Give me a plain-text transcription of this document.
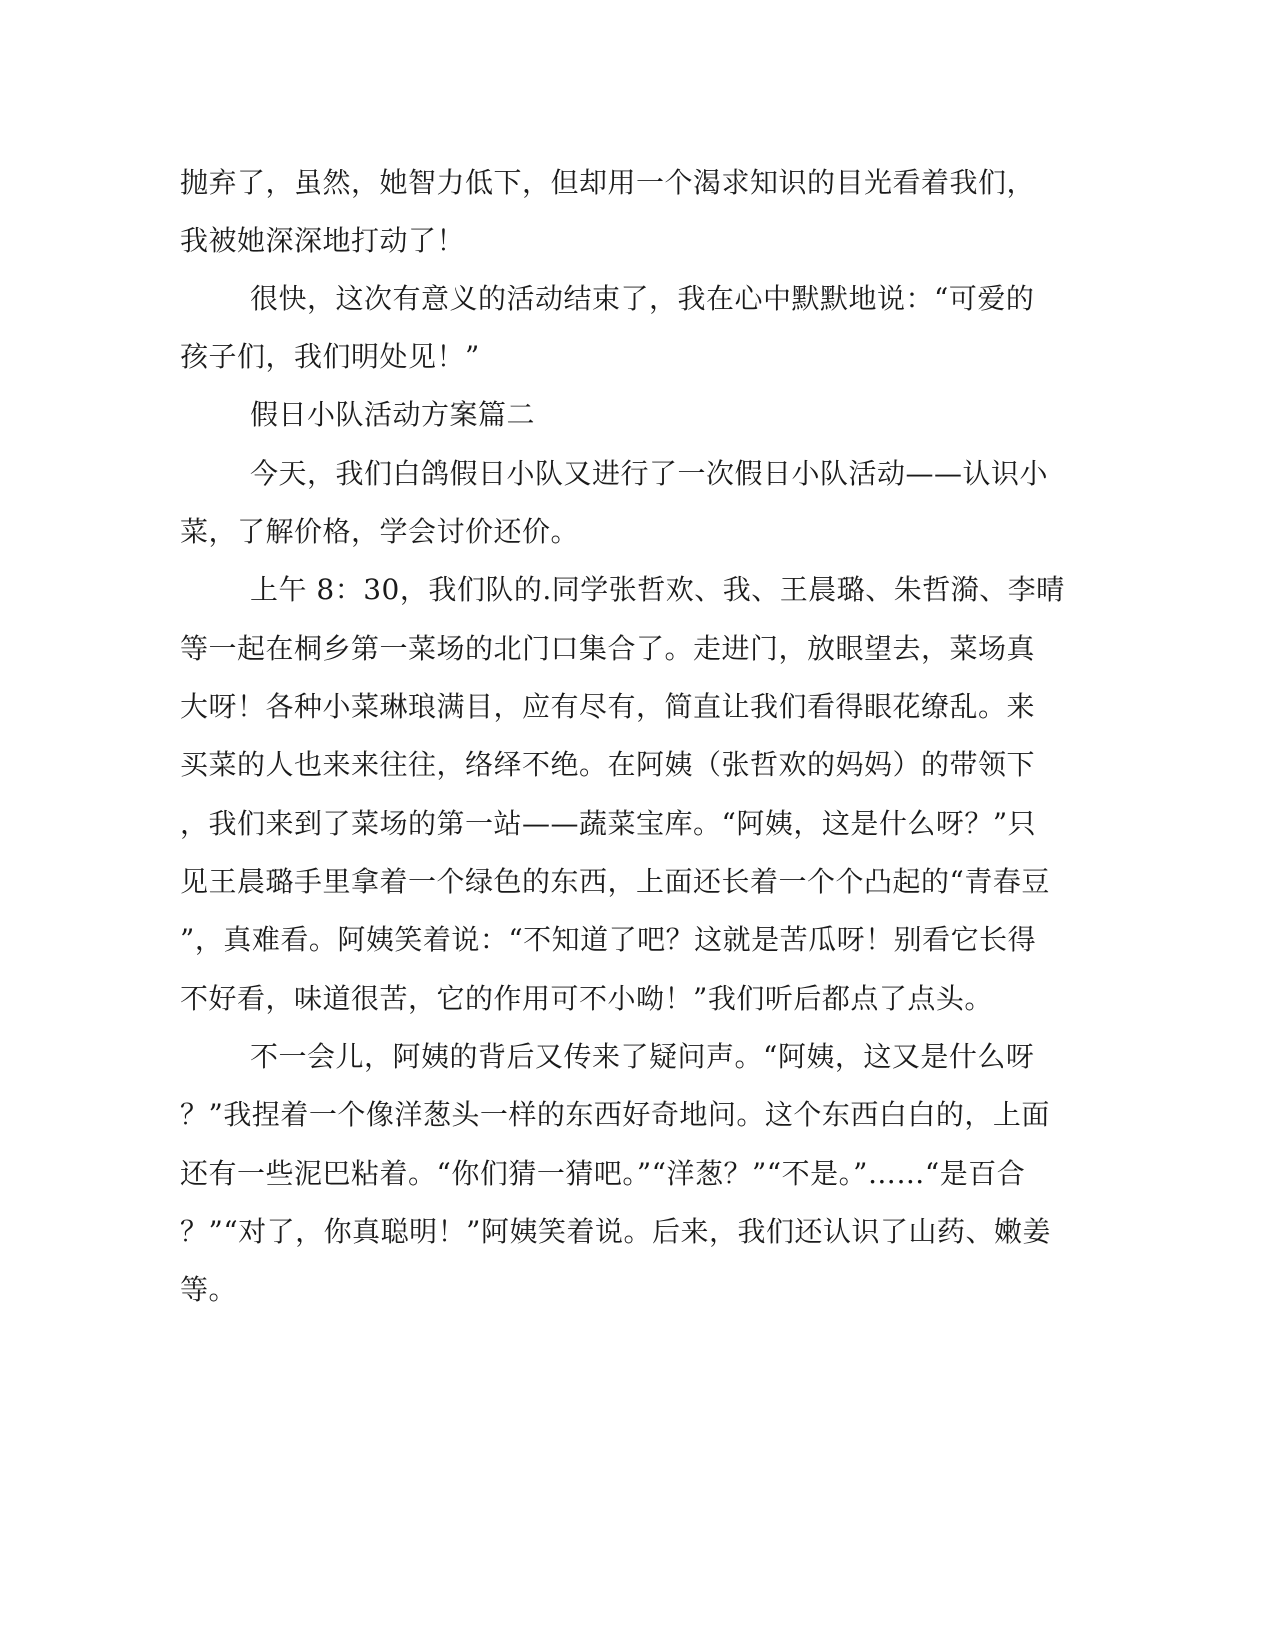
抛弃了，虽然，她智力低下，但却用一个渴求知识的目光看着我们，
我被她深深地打动了！
很快，这次有意义的活动结束了，我在心中默默地说：“可爱的
孩子们，我们明处见！”
假日小队活动方案篇二
今天，我们白鸽假日小队又进行了一次假日小队活动——认识小
菜，了解价格，学会讨价还价。
上午 8：30，我们队的.同学张哲欢、我、王晨璐、朱哲漪、李晴
等一起在桐乡第一菜场的北门口集合了。走进门，放眼望去，菜场真
大呀！各种小菜琳琅满目，应有尽有，简直让我们看得眼花缭乱。来
买菜的人也来来往往，络绎不绝。在阿姨（张哲欢的妈妈）的带领下
，我们来到了菜场的第一站——蔬菜宝库。“阿姨，这是什么呀？”只
见王晨璐手里拿着一个绿色的东西，上面还长着一个个凸起的“青春豆
”，真难看。阿姨笑着说：“不知道了吧？这就是苦瓜呀！别看它长得
不好看，味道很苦，它的作用可不小呦！”我们听后都点了点头。
不一会儿，阿姨的背后又传来了疑问声。“阿姨，这又是什么呀
？”我捏着一个像洋葱头一样的东西好奇地问。这个东西白白的，上面
还有一些泥巴粘着。“你们猜一猜吧。”“洋葱？”“不是。”……“是百合
？”“对了，你真聪明！”阿姨笑着说。后来，我们还认识了山药、嫩姜
等。
